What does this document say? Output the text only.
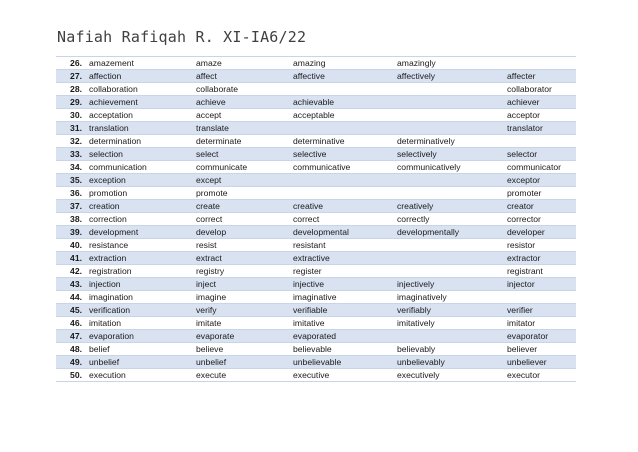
Nafiah Rafiqah R. XI-IA6/22
26.	amazement	amaze	amazing	amazingly	
27.	affection	affect	affective	affectively	affecter
28.	collaboration	collaborate			collaborator
29.	achievement	achieve	achievable		achiever
30.	acceptation	accept	acceptable		acceptor
31.	translation	translate			translator
32.	determination	determinate	determinative	determinatively	
33.	selection	select	selective	selectively	selector
34.	communication	communicate	communicative	communicatively	communicator
35.	exception	except			exceptor
36.	promotion	promote			promoter
37.	creation	create	creative	creatively	creator
38.	correction	correct	correct	correctly	corrector
39.	development	develop	developmental	developmentally	developer
40.	resistance	resist	resistant		resistor
41.	extraction	extract	extractive		extractor
42.	registration	registry	register		registrant
43.	injection	inject	injective	injectively	injector
44.	imagination	imagine	imaginative	imaginatively	
45.	verification	verify	verifiable	verifiably	verifier
46.	imitation	imitate	imitative	imitatively	imitator
47.	evaporation	evaporate	evaporated		evaporator
48.	belief	believe	believable	believably	believer
49.	unbelief	unbelief	unbelievable	unbelievably	unbeliever
50.	execution	execute	executive	executively	executor
